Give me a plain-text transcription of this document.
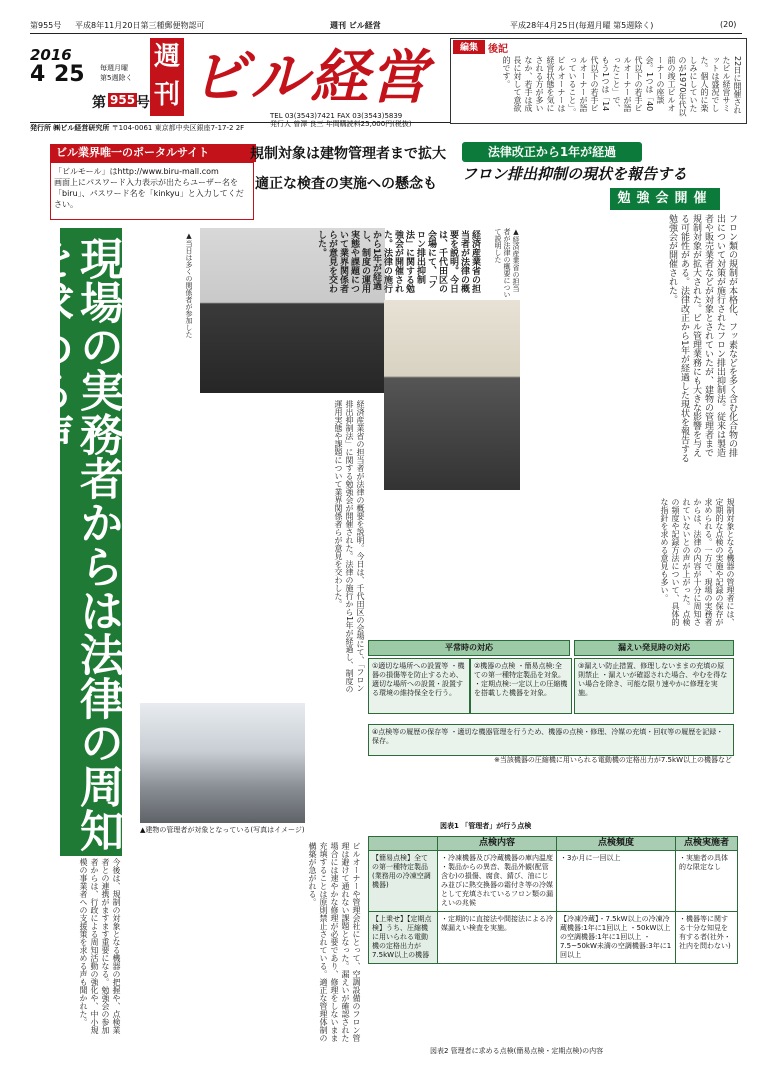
第955号 平成8年11月20日第三種郵便物認可	週刊 ビル経営	平成28年4月25日(毎週月曜 第5週除く)	(20)
2016
4 25 毎週月曜
第5週除く
第 955 号
週刊 ビル経営
TEL 03(3543)7421 FAX 03(3543)5839
発行人 曾澤 良三 年間購読料25,000円(税抜)
発行所 ㈱ビル経営研究所 〒104-0061 東京都中央区銀座7-17-2 2F
編集	後記
22日に開催されたビル経営サミットは盛況でした。個人的に楽しみにしていたのが1970年代以前の竣工ビルオーナーの座談会。1つは「40代以下の若手ビルオーナーが語ったこと」で、もう1つは「14代以下の若手ビルオーナーが語っていること」。ビルオーナーは経営状態を気にされる方が多いなか、若手は成長に対して意欲的です。
ビル業界唯一のポータルサイト
「ビルモール」はhttp://www.biru-mall.com
画面上にパスワード入力表示が出たらユーザー名を「biru」、パスワード名を「kinkyu」と入力してください。
規制対象は建物管理者まで拡大
適正な検査の実施への懸念も
法律改正から1年が経過
フロン排出抑制の現状を報告する
勉強会開催
フロン類の規制が本格化、フッ素などを多く含む化合物の排出について対策が施行されたフロン排出抑制法。従来は製造者や販売業者などが対象とされていたが、建物の管理者まで規制対象が拡大された。ビル管理業務にも大きな影響を与える可能性がある。法律改正から1年が経過した現状を報告する勉強会が開催された。
現場の実務者からは法律の周知を求める声	▲当日は多くの関係者が参加した	▲経済産業省の担当者が法律の概要について説明した
▲建物の管理者が対象となっている(写真はイメージ)
経済産業省の担当者が法律の概要を説明。今日は、千代田区の会場にて、「フロン排出抑制法」に関する勉強会が開催された。法律の施行から1年が経過し、制度の運用実態や課題について業界関係者らが意見を交わした。
経済産業省の担当者が法律の概要を説明。今日は、千代田区の会場にて、「フロン排出抑制法」に関する勉強会が開催された。法律の施行から1年が経過し、制度の運用実態や課題について業界関係者らが意見を交わした。
規制対象となる機器の管理者には、定期的な点検の実施や記録の保存が求められる。一方で、現場の実務者からは、法律の内容が十分に周知されていないとの声が上がった。点検の頻度や記録方法について、具体的な指針を求める意見も多い。
ビルオーナーや管理会社にとって、空調設備のフロン管理は避けて通れない課題となった。漏えいが確認された場合には速やかな修理が必要であり、修理をしないまま充填することは原則禁止されている。適正な管理体制の構築が急がれる。
今後は、規制の対象となる機器の把握や、点検業者との連携がますます重要になる。勉強会の参加者からは、行政による周知活動の強化や、中小規模の事業者への支援策を求める声も聞かれた。
平常時の対応	漏えい発見時の対応
①適切な場所への設置等 ・機器の損傷等を防止するため、適切な場所への設置・設置する環境の維持保全を行う。
②機器の点検 ・簡易点検:全ての第一種特定製品を対象。 ・定期点検:一定以上の圧縮機を搭載した機器を対象。
③漏えい防止措置、修理しないままの充填の原則禁止 ・漏えいが確認された場合、やむを得ない場合を除き、可能な限り速やかに修理を実施。
④点検等の履歴の保存等 ・適切な機器管理を行うため、機器の点検・修理、冷媒の充填・回収等の履歴を記録・保存。
※当該機器の圧縮機に用いられる電動機の定格出力が7.5kW以上の機器など
図表1 「管理者」が行う点検
	点検内容	点検頻度	点検実施者
【簡易点検】全ての第一種特定製品(業務用の冷凍空調機器)	・冷凍機器及び冷蔵機器の庫内温度 ・製品からの異音、製品外観(配管含む)の損傷、腐食、錆び、油にじみ並びに熱交換器の霜付き等の冷媒として充填されているフロン類の漏えいの兆候	・3か月に一回以上	・実施者の具体的な限定なし
【上乗せ】【定期点検】うち、圧縮機に用いられる電動機の定格出力が7.5kW以上の機器	・定期的に直接法や間接法による冷媒漏えい検査を実施。	【冷凍冷蔵】・7.5kW以上の冷凍冷蔵機器:1年に1回以上 ・50kW以上の空調機器:1年に1回以上 ・7.5~50kW未満の空調機器:3年に1回以上	・機器等に関する十分な知見を有する者(社外・社内を問わない)
図表2 管理者に求める点検(簡易点検・定期点検)の内容
